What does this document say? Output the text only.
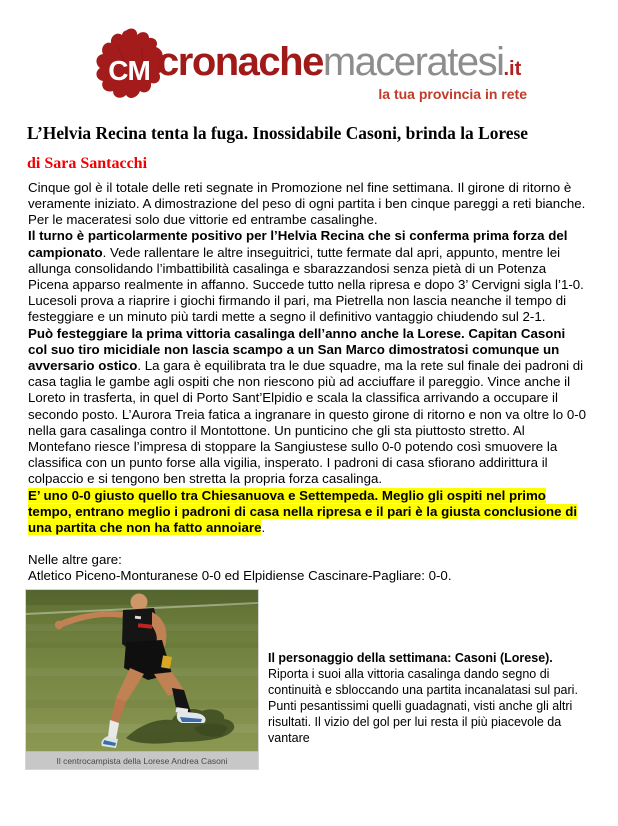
CM cronachemaceratesi.it
la tua provincia in rete
L’Helvia Recina tenta la fuga. Inossidabile Casoni, brinda la Lorese
di Sara Santacchi

Cinque gol è il totale delle reti segnate in Promozione nel fine settimana. Il girone di ritorno è veramente iniziato. A dimostrazione del peso di ogni partita i ben cinque pareggi a reti bianche. Per le maceratesi solo due vittorie ed entrambe casalinghe.

Il turno è particolarmente positivo per l’Helvia Recina che si conferma prima forza del campionato. Vede rallentare le altre inseguitrici, tutte fermate dal apri, appunto, mentre lei allunga consolidando l’imbattibilità casalinga e sbarazzandosi senza pietà di un Potenza Picena apparso realmente in affanno. Succede tutto nella ripresa e dopo 3’ Cervigni sigla l’1-0. Lucesoli prova a riaprire i giochi firmando il pari, ma Pietrella non lascia neanche il tempo di festeggiare e un minuto più tardi mette a segno il definitivo vantaggio chiudendo sul 2-1.

Può festeggiare la prima vittoria casalinga dell’anno anche la Lorese. Capitan Casoni col suo tiro micidiale non lascia scampo a un San Marco dimostratosi comunque un avversario ostico. La gara è equilibrata tra le due squadre, ma la rete sul finale dei padroni di casa taglia le gambe agli ospiti che non riescono più ad acciuffare il pareggio. Vince anche il Loreto in trasferta, in quel di Porto Sant’Elpidio e scala la classifica arrivando a occupare il secondo posto. L’Aurora Treia fatica a ingranare in questo girone di ritorno e non va oltre lo 0-0 nella gara casalinga contro il Montottone. Un punticino che gli sta piuttosto stretto. Al Montefano riesce l’impresa di stoppare la Sangiustese sullo 0-0 potendo così smuovere la classifica con un punto forse alla vigilia, insperato. I padroni di casa sfiorano addirittura il colpaccio e si tengono ben stretta la propria forza casalinga.

E’ uno 0-0 giusto quello tra Chiesanuova e Settempeda. Meglio gli ospiti nel primo tempo, entrano meglio i padroni di casa nella ripresa e il pari è la giusta conclusione di una partita che non ha fatto annoiare.

Nelle altre gare:

Atletico Piceno-Monturanese 0-0 ed Elpidiense Cascinare-Pagliare: 0-0.

Il centrocampista della Lorese Andrea Casoni
Il personaggio della settimana: Casoni (Lorese).
Riporta i suoi alla vittoria casalinga dando segno di continuità e sbloccando una partita incanalatasi sul pari. Punti pesantissimi quelli guadagnati, visti anche gli altri risultati. Il vizio del gol per lui resta il più piacevole da vantare
